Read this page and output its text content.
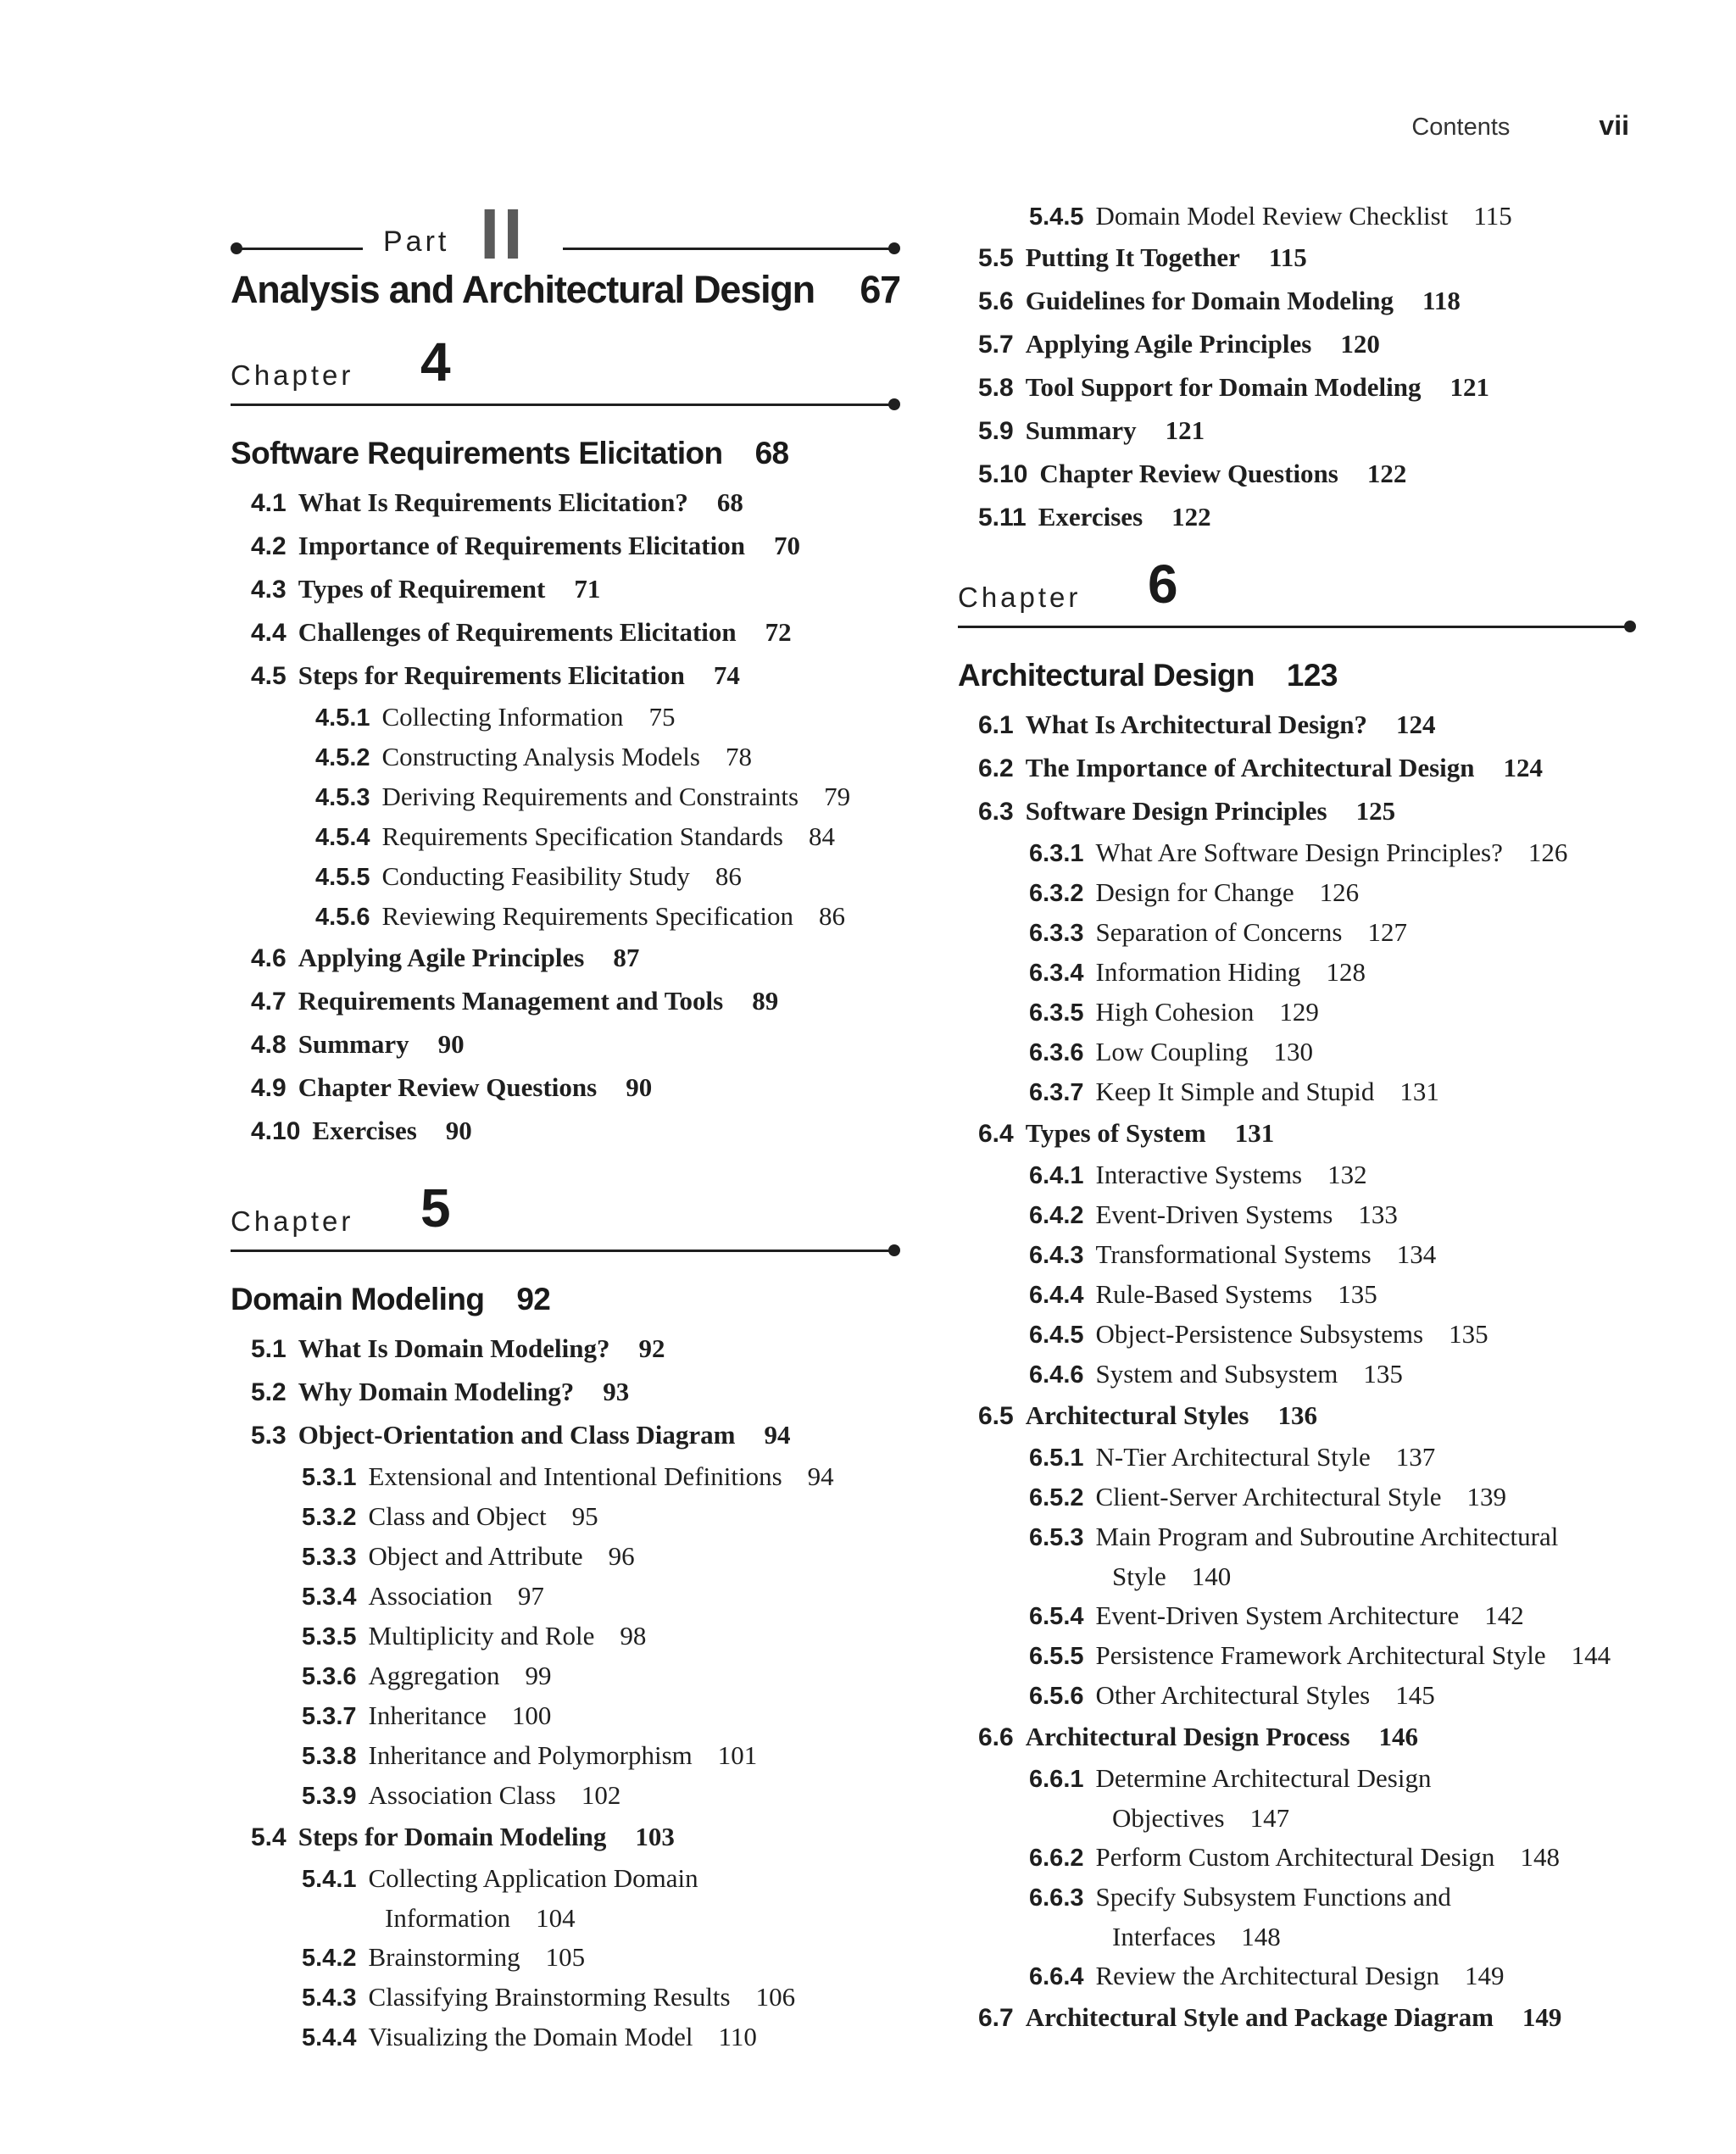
Contents	vii
Part II
Analysis and Architectural Design 67
Chapter 4
Software Requirements Elicitation 68
4.1 What Is Requirements Elicitation? 68
4.2 Importance of Requirements Elicitation 70
4.3 Types of Requirement 71
4.4 Challenges of Requirements Elicitation 72
4.5 Steps for Requirements Elicitation 74
4.5.1 Collecting Information 75
4.5.2 Constructing Analysis Models 78
4.5.3 Deriving Requirements and Constraints 79
4.5.4 Requirements Specification Standards 84
4.5.5 Conducting Feasibility Study 86
4.5.6 Reviewing Requirements Specification 86
4.6 Applying Agile Principles 87
4.7 Requirements Management and Tools 89
4.8 Summary 90
4.9 Chapter Review Questions 90
4.10 Exercises 90
Chapter 5
Domain Modeling 92
5.1 What Is Domain Modeling? 92
5.2 Why Domain Modeling? 93
5.3 Object-Orientation and Class Diagram 94
5.3.1 Extensional and Intentional Definitions 94
5.3.2 Class and Object 95
5.3.3 Object and Attribute 96
5.3.4 Association 97
5.3.5 Multiplicity and Role 98
5.3.6 Aggregation 99
5.3.7 Inheritance 100
5.3.8 Inheritance and Polymorphism 101
5.3.9 Association Class 102
5.4 Steps for Domain Modeling 103
5.4.1 Collecting Application Domain
Information 104
5.4.2 Brainstorming 105
5.4.3 Classifying Brainstorming Results 106
5.4.4 Visualizing the Domain Model 110
5.4.5 Domain Model Review Checklist 115
5.5 Putting It Together 115
5.6 Guidelines for Domain Modeling 118
5.7 Applying Agile Principles 120
5.8 Tool Support for Domain Modeling 121
5.9 Summary 121
5.10 Chapter Review Questions 122
5.11 Exercises 122
Chapter 6
Architectural Design 123
6.1 What Is Architectural Design? 124
6.2 The Importance of Architectural Design 124
6.3 Software Design Principles 125
6.3.1 What Are Software Design Principles? 126
6.3.2 Design for Change 126
6.3.3 Separation of Concerns 127
6.3.4 Information Hiding 128
6.3.5 High Cohesion 129
6.3.6 Low Coupling 130
6.3.7 Keep It Simple and Stupid 131
6.4 Types of System 131
6.4.1 Interactive Systems 132
6.4.2 Event-Driven Systems 133
6.4.3 Transformational Systems 134
6.4.4 Rule-Based Systems 135
6.4.5 Object-Persistence Subsystems 135
6.4.6 System and Subsystem 135
6.5 Architectural Styles 136
6.5.1 N-Tier Architectural Style 137
6.5.2 Client-Server Architectural Style 139
6.5.3 Main Program and Subroutine Architectural
Style 140
6.5.4 Event-Driven System Architecture 142
6.5.5 Persistence Framework Architectural Style 144
6.5.6 Other Architectural Styles 145
6.6 Architectural Design Process 146
6.6.1 Determine Architectural Design
Objectives 147
6.6.2 Perform Custom Architectural Design 148
6.6.3 Specify Subsystem Functions and
Interfaces 148
6.6.4 Review the Architectural Design 149
6.7 Architectural Style and Package Diagram 149
